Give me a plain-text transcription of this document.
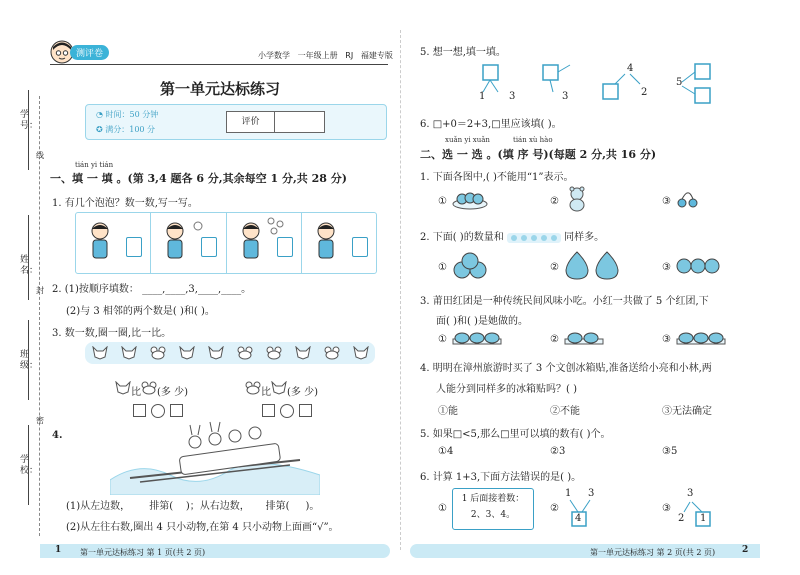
测评卷	小学数学 一年级上册 RJ 福建专版
学号：
姓名：
班级：
学校：
线
封
密
第一单元达标练习
◔ 时间：50 分钟
✪ 满分：100 分
评价
tián yi tián
一、填 一 填 。(第 3,4 题各 6 分,其余每空 1 分,共 28 分)
1. 有几个泡泡？数一数,写一写。
2. (1)按顺序填数： ____,____,3,____,____。
(2)与 3 相邻的两个数是( )和( )。
3. 数一数,圈一圈,比一比。
比 (多 少)
	比 (多 少)

4.
(1)从左边数，      排第(    )；从右边数，     排第(     )。
(2)从左往右数,圈出 4 只小动物,在第 4 只小动物上面画“√”。
1 第一单元达标练习 第 1 页(共 2 页)
5. 想一想,填一填。
1 3	3
4
2
5
6. □+0＝2+3,□里应该填( )。
xuǎn yi xuǎn	tián xù hào
二、选 一 选 。(填 序 号)(每题 2 分,共 16 分)
1. 下面各图中,( )不能用“1”表示。
①	②	③
2. 下面( )的数量和	同样多。
①	②	③
3. 莆田红团是一种传统民间风味小吃。小红一共做了 5 个红团,下
面( )和( )是她做的。
①	②	③
4. 明明在漳州旅游时买了 3 个文创冰箱贴,准备送给小亮和小林,两
人能分到同样多的冰箱贴吗？( )
①能	②不能	③无法确定
5. 如果□<5,那么□里可以填的数有( )个。
①4	②3	③5
6. 计算 1+3,下面方法错误的是( )。
①
1 后面接着数：
2、3、4。
②
1 3
4
③
3
2 1
第一单元达标练习 第 2 页(共 2 页)	2
